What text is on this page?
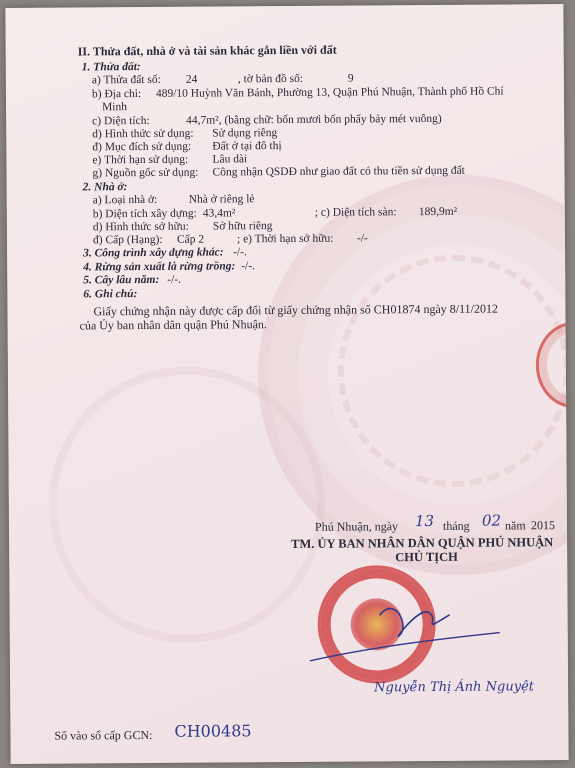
II. Thửa đất, nhà ở và tài sản khác gắn liền với đất
1. Thửa đất:
a) Thửa đất số: 24	, tờ bản đồ số:	9
b) Địa chỉ: 489/10 Huỳnh Văn Bánh, Phường 13, Quận Phú Nhuận, Thành phố Hồ Chí
Minh
c) Diện tích:	44,7m², (bằng chữ: bốn mươi bốn phẩy bảy mét vuông)
d) Hình thức sử dụng: Sử dụng riêng
đ) Mục đích sử dụng: Đất ở tại đô thị
e) Thời hạn sử dụng: Lâu dài
g) Nguồn gốc sử dụng: Công nhận QSDĐ như giao đất có thu tiền sử dụng đất
2. Nhà ở:
a) Loại nhà ở:	Nhà ở riêng lẻ
b) Diện tích xây dựng: 43,4m²	; c) Diện tích sàn: 189,9m²
d) Hình thức sở hữu: Sở hữu riêng
đ) Cấp (Hạng): Cấp 2	; e) Thời hạn sở hữu: -/-
3. Công trình xây dựng khác: -/-.
4. Rừng sản xuất là rừng trồng: -/-.
5. Cây lâu năm: -/-.
6. Ghi chú:
Giấy chứng nhận này được cấp đổi từ giấy chứng nhận số CH01874 ngày 8/11/2012
của Ủy ban nhân dân quận Phú Nhuận.
Phú Nhuận, ngày 13 tháng 02 năm 2015
TM. ỦY BAN NHÂN DÂN QUẬN PHÚ NHUẬN
CHỦ TỊCH
Nguyễn Thị Ánh Nguyệt
Số vào sổ cấp GCN: CH00485
